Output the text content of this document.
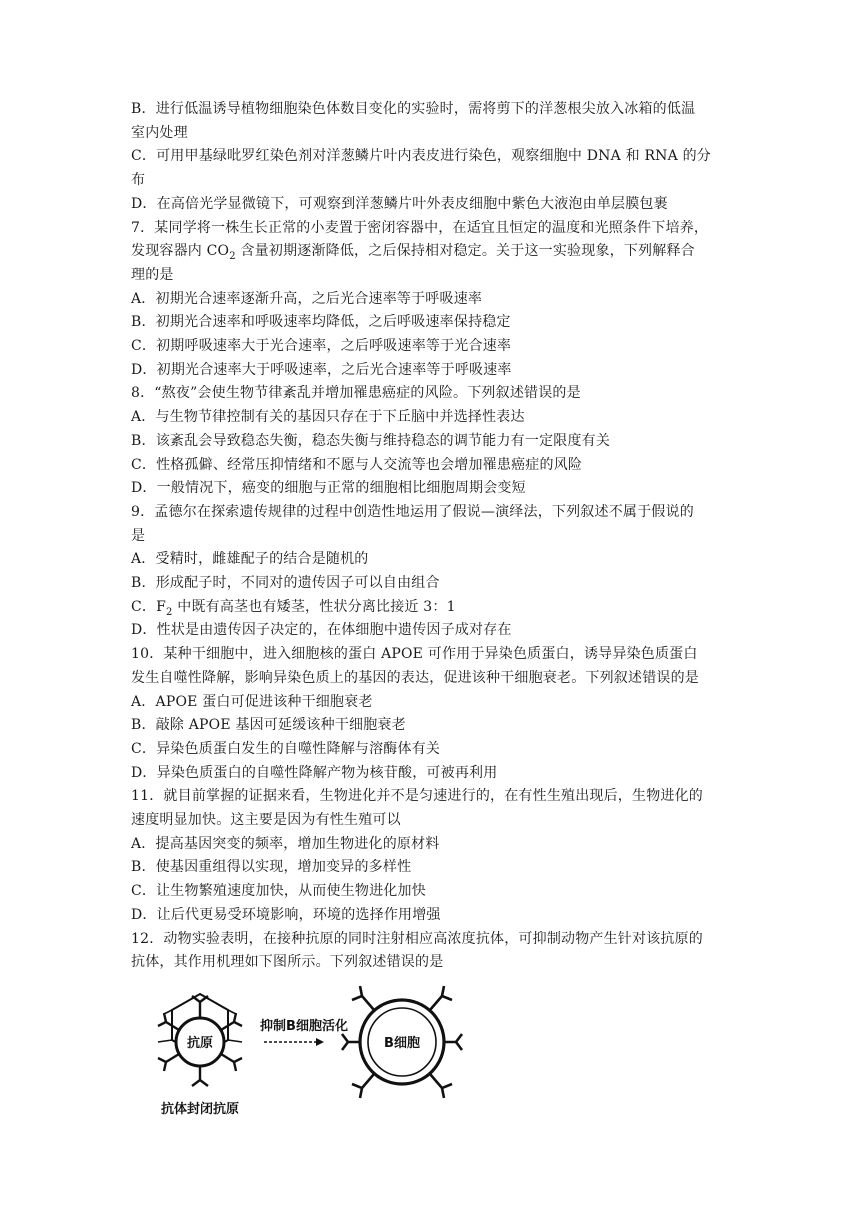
B．进行低温诱导植物细胞染色体数目变化的实验时，需将剪下的洋葱根尖放入冰箱的低温
室内处理
C．可用甲基绿吡罗红染色剂对洋葱鳞片叶内表皮进行染色，观察细胞中 DNA 和 RNA 的分
布
D．在高倍光学显微镜下，可观察到洋葱鳞片叶外表皮细胞中紫色大液泡由单层膜包裹
7．某同学将一株生长正常的小麦置于密闭容器中，在适宜且恒定的温度和光照条件下培养，
发现容器内 $CO_2$ 含量初期逐渐降低，之后保持相对稳定。关于这一实验现象，下列解释合
理的是
A．初期光合速率逐渐升高，之后光合速率等于呼吸速率
B．初期光合速率和呼吸速率均降低，之后呼吸速率保持稳定
C．初期呼吸速率大于光合速率，之后呼吸速率等于光合速率
D．初期光合速率大于呼吸速率，之后光合速率等于呼吸速率
8．“熬夜”会使生物节律紊乱并增加罹患癌症的风险。下列叙述错误的是
A．与生物节律控制有关的基因只存在于下丘脑中并选择性表达
B．该紊乱会导致稳态失衡，稳态失衡与维持稳态的调节能力有一定限度有关
C．性格孤僻、经常压抑情绪和不愿与人交流等也会增加罹患癌症的风险
D．一般情况下，癌变的细胞与正常的细胞相比细胞周期会变短
9．孟德尔在探索遗传规律的过程中创造性地运用了假说—演绎法，下列叙述不属于假说的
是
A．受精时，雌雄配子的结合是随机的
B．形成配子时，不同对的遗传因子可以自由组合
C．$F_2$ 中既有高茎也有矮茎，性状分离比接近 3：1
D．性状是由遗传因子决定的，在体细胞中遗传因子成对存在
10．某种干细胞中，进入细胞核的蛋白 APOE 可作用于异染色质蛋白，诱导异染色质蛋白
发生自噬性降解，影响异染色质上的基因的表达，促进该种干细胞衰老。下列叙述错误的是
A．APOE 蛋白可促进该种干细胞衰老
B．敲除 APOE 基因可延缓该种干细胞衰老
C．异染色质蛋白发生的自噬性降解与溶酶体有关
D．异染色质蛋白的自噬性降解产物为核苷酸，可被再利用
11．就目前掌握的证据来看，生物进化并不是匀速进行的，在有性生殖出现后，生物进化的
速度明显加快。这主要是因为有性生殖可以
A．提高基因突变的频率，增加生物进化的原材料
B．使基因重组得以实现，增加变异的多样性
C．让生物繁殖速度加快，从而使生物进化加快
D．让后代更易受环境影响，环境的选择作用增强
12．动物实验表明，在接种抗原的同时注射相应高浓度抗体，可抑制动物产生针对该抗原的
抗体，其作用机理如下图所示。下列叙述错误的是
抗原
抗体封闭抗原
抑制B细胞活化
B细胞
